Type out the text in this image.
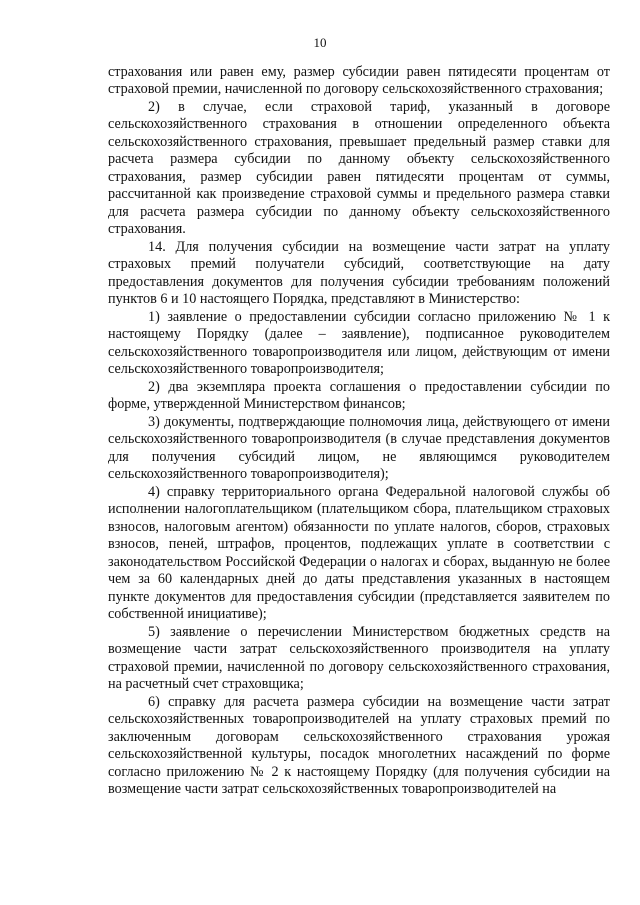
10

страхования или равен ему, размер субсидии равен пятидесяти процентам от страховой премии, начисленной по договору сельскохозяйственного страхования;

2) в случае, если страховой тариф, указанный в договоре сельскохозяйственного страхования в отношении определенного объекта сельскохозяйственного страхования, превышает предельный размер ставки для расчета размера субсидии по данному объекту сельскохозяйственного страхования, размер субсидии равен пятидесяти процентам от суммы, рассчитанной как произведение страховой суммы и предельного размера ставки для расчета размера субсидии по данному объекту сельскохозяйственного страхования.

14. Для получения субсидии на возмещение части затрат на уплату страховых премий получатели субсидий, соответствующие на дату предоставления документов для получения субсидии требованиям положений пунктов 6 и 10 настоящего Порядка, представляют в Министерство:

1) заявление о предоставлении субсидии согласно приложению № 1 к настоящему Порядку (далее – заявление), подписанное руководителем сельскохозяйственного товаропроизводителя или лицом, действующим от имени сельскохозяйственного товаропроизводителя;

2) два экземпляра проекта соглашения о предоставлении субсидии по форме, утвержденной Министерством финансов;

3) документы, подтверждающие полномочия лица, действующего от имени сельскохозяйственного товаропроизводителя (в случае представления документов для получения субсидий лицом, не являющимся руководителем сельскохозяйственного товаропроизводителя);

4) справку территориального органа Федеральной налоговой службы об исполнении налогоплательщиком (плательщиком сбора, плательщиком страховых взносов, налоговым агентом) обязанности по уплате налогов, сборов, страховых взносов, пеней, штрафов, процентов, подлежащих уплате в соответствии с законодательством Российской Федерации о налогах и сборах, выданную не более чем за 60 календарных дней до даты представления указанных в настоящем пункте документов для предоставления субсидии (представляется заявителем по собственной инициативе);

5) заявление о перечислении Министерством бюджетных средств на возмещение части затрат сельскохозяйственного производителя на уплату страховой премии, начисленной по договору сельскохозяйственного страхования, на расчетный счет страховщика;

6) справку для расчета размера субсидии на возмещение части затрат сельскохозяйственных товаропроизводителей на уплату страховых премий по заключенным договорам сельскохозяйственного страхования урожая сельскохозяйственной культуры, посадок многолетних насаждений по форме согласно приложению № 2 к настоящему Порядку (для получения субсидии на возмещение части затрат сельскохозяйственных товаропроизводителей на
